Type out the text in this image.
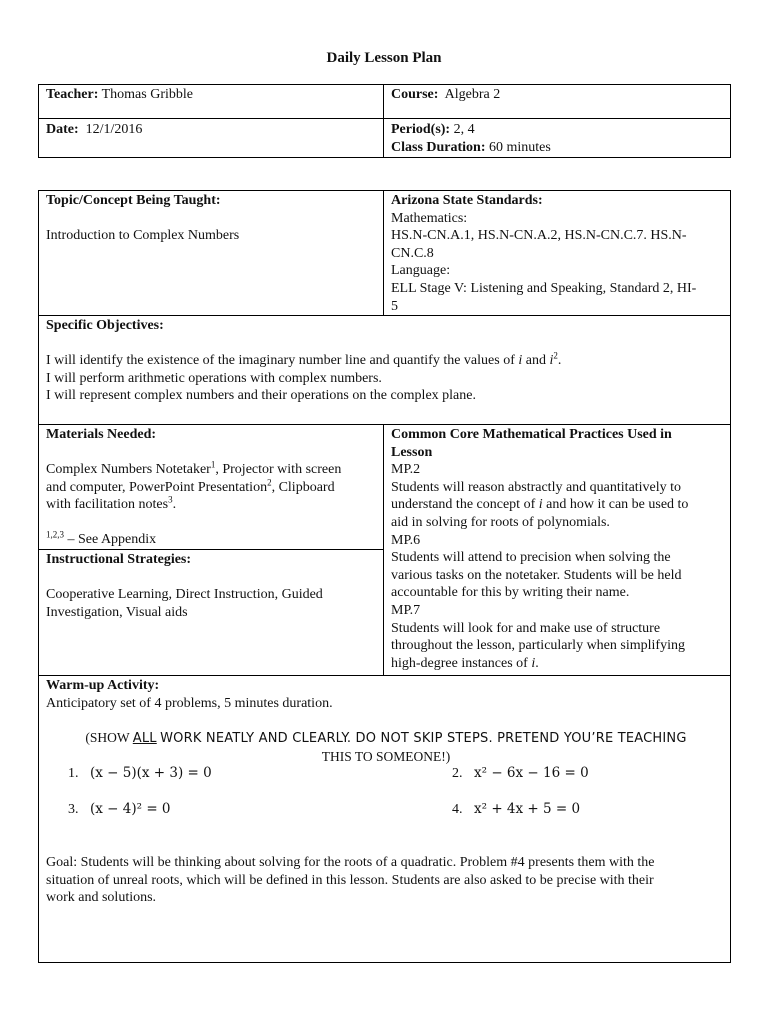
Daily Lesson Plan
Teacher: Thomas Gribble	Course: Algebra 2
Date: 12/1/2016	Period(s): 2, 4
Class Duration: 60 minutes
Topic/Concept Being Taught:
Introduction to Complex Numbers
Arizona State Standards:
Mathematics:
HS.N-CN.A.1, HS.N-CN.A.2, HS.N-CN.C.7. HS.N-
CN.C.8
Language:
ELL Stage V: Listening and Speaking, Standard 2, HI-
5
Specific Objectives:
I will identify the existence of the imaginary number line and quantify the values of i and $i^2$.
I will perform arithmetic operations with complex numbers.
I will represent complex numbers and their operations on the complex plane.
Materials Needed:
Complex Numbers Notetaker$^1$, Projector with screen
and computer, PowerPoint Presentation$^2$, Clipboard
with facilitation notes$^3$.
$^{1,2,3}$ – See Appendix
Instructional Strategies:
Cooperative Learning, Direct Instruction, Guided
Investigation, Visual aids
Common Core Mathematical Practices Used in
Lesson
MP.2
Students will reason abstractly and quantitatively to
understand the concept of i and how it can be used to
aid in solving for roots of polynomials.
MP.6
Students will attend to precision when solving the
various tasks on the notetaker. Students will be held
accountable for this by writing their name.
MP.7
Students will look for and make use of structure
throughout the lesson, particularly when simplifying
high-degree instances of i.
Warm-up Activity:
Anticipatory set of 4 problems, 5 minutes duration.
(SHOW ALL WORK NEATLY AND CLEARLY. DO NOT SKIP STEPS. PRETEND YOU’RE TEACHING
THIS TO SOMEONE!)
1. (x − 5)(x + 3) = 0	2. x² − 6x − 16 = 0
3. (x − 4)² = 0	4. x² + 4x + 5 = 0
Goal: Students will be thinking about solving for the roots of a quadratic. Problem #4 presents them with the
situation of unreal roots, which will be defined in this lesson. Students are also asked to be precise with their
work and solutions.
